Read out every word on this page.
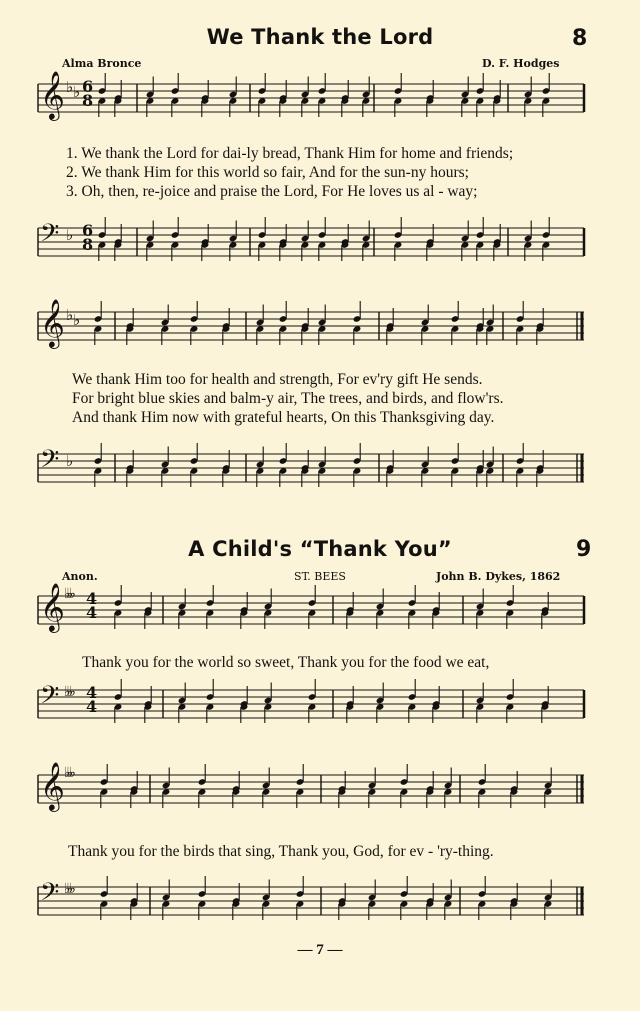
We Thank the Lord	8
Alma Bronce	D. F. Hodges
𝄞 ♭ ♭ 6
8
1. We thank the Lord for dai-ly bread, Thank Him for home and friends;
2. We thank Him for this world so fair, And for the sun-ny hours;
3. Oh, then, re-joice and praise the Lord, For He loves us al - way;
𝄢 ♭ 6
8
𝄞 ♭ ♭
We thank Him too for health and strength, For ev'ry gift He sends.
For bright blue skies and balm-y air, The trees, and birds, and flow'rs.
And thank Him now with grateful hearts, On this Thanksgiving day.
𝄢 ♭
A Child's “Thank You”	9
Anon.	ST. BEES	John B. Dykes, 1862
𝄞 ♭♭♭ 4
4
Thank you for the world so sweet, Thank you for the food we eat,
𝄢 ♭♭♭ 4
4
𝄞 ♭♭♭
Thank you for the birds that sing, Thank you, God, for ev - 'ry-thing.
𝄢 ♭♭♭
— 7 —
